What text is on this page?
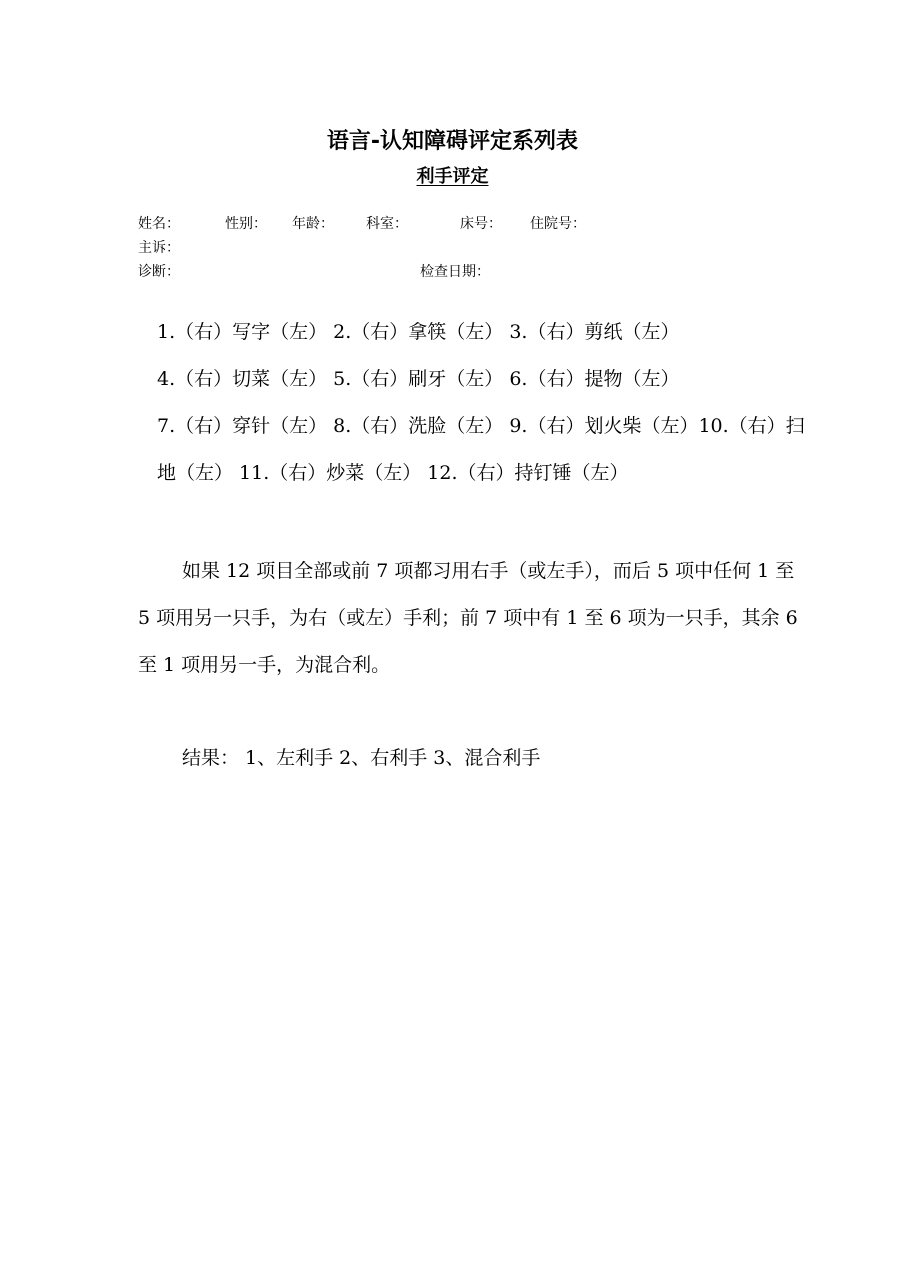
语言-认知障碍评定系列表
利手评定
姓名：	性别： 年龄： 科室：	床号： 住院号：
主诉：
诊断：	检查日期：
1.（右）写字（左） 2.（右）拿筷（左） 3.（右）剪纸（左）
4.（右）切菜（左） 5.（右）刷牙（左） 6.（右）提物（左）
7.（右）穿针（左） 8.（右）洗脸（左） 9.（右）划火柴（左）10.（右）扫
地（左） 11.（右）炒菜（左） 12.（右）持钉锤（左）

如果 12 项目全部或前 7 项都习用右手（或左手），而后 5 项中任何 1 至 5 项用另一只手，为右（或左）手利；前 7 项中有 1 至 6 项为一只手，其余 6 至 1 项用另一手，为混合利。

结果： 1、左利手 2、右利手 3、混合利手
